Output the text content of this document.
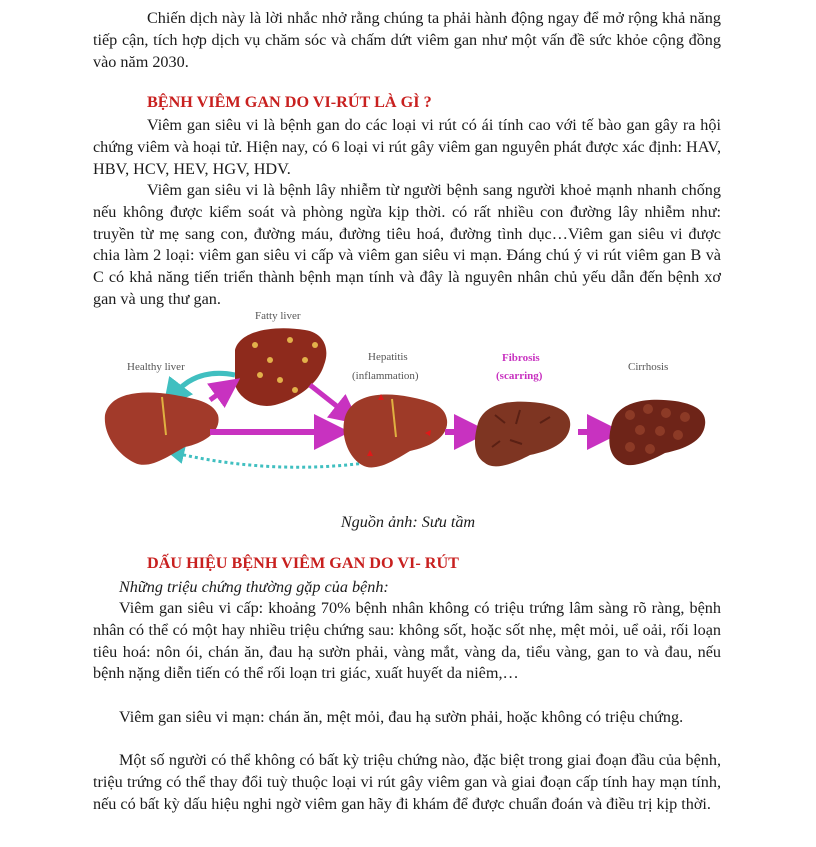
Chiến dịch này là lời nhắc nhở rằng chúng ta phải hành động ngay để mở rộng khả năng tiếp cận, tích hợp dịch vụ chăm sóc và chấm dứt viêm gan như một vấn đề sức khỏe cộng đồng vào năm 2030.

BỆNH VIÊM GAN DO VI-RÚT LÀ GÌ ?

Viêm gan siêu vi là bệnh gan do các loại vi rút có ái tính cao với tế bào gan gây ra hội chứng viêm và hoại tử. Hiện nay, có 6 loại vi rút gây viêm gan nguyên phát được xác định: HAV, HBV, HCV, HEV, HGV, HDV.

Viêm gan siêu vi là bệnh lây nhiễm từ người bệnh sang người khoẻ mạnh nhanh chống nếu không được kiểm soát và phòng ngừa kịp thời. có rất nhiều con đường lây nhiễm như: truyền từ mẹ sang con, đường máu, đường tiêu hoá, đường tình dục…Viêm gan siêu vi được chia làm 2 loại: viêm gan siêu vi cấp và viêm gan siêu vi mạn. Đáng chú ý vi rút viêm gan B và C có khả năng tiến triển thành bệnh mạn tính và đây là nguyên nhân chủ yếu dẫn đến bệnh xơ gan và ung thư gan.

Fatty liver
Healthy liver
Hepatitis
(inflammation)
Fibrosis
(scarring)
Cirrhosis
Nguồn ảnh: Sưu tầm

DẤU HIỆU BỆNH VIÊM GAN DO VI- RÚT

Những triệu chứng thường gặp của bệnh:

Viêm gan siêu vi cấp: khoảng 70% bệnh nhân không có triệu trứng lâm sàng rõ ràng, bệnh nhân có thể có một hay nhiều triệu chứng sau: không sốt, hoặc sốt nhẹ, mệt mỏi, uể oải, rối loạn tiêu hoá: nôn ói, chán ăn, đau hạ sườn phải, vàng mắt, vàng da, tiểu vàng, gan to và đau, nếu bệnh nặng diễn tiến có thể rối loạn tri giác, xuất huyết da niêm,…

Viêm gan siêu vi mạn: chán ăn, mệt mỏi, đau hạ sườn phải, hoặc không có triệu chứng.

Một số người có thể không có bất kỳ triệu chứng nào, đặc biệt trong giai đoạn đầu của bệnh, triệu trứng có thể thay đổi tuỳ thuộc loại vi rút gây viêm gan và giai đoạn cấp tính hay mạn tính, nếu có bất kỳ dấu hiệu nghi ngờ viêm gan hãy đi khám để được chuẩn đoán và điều trị kịp thời.
